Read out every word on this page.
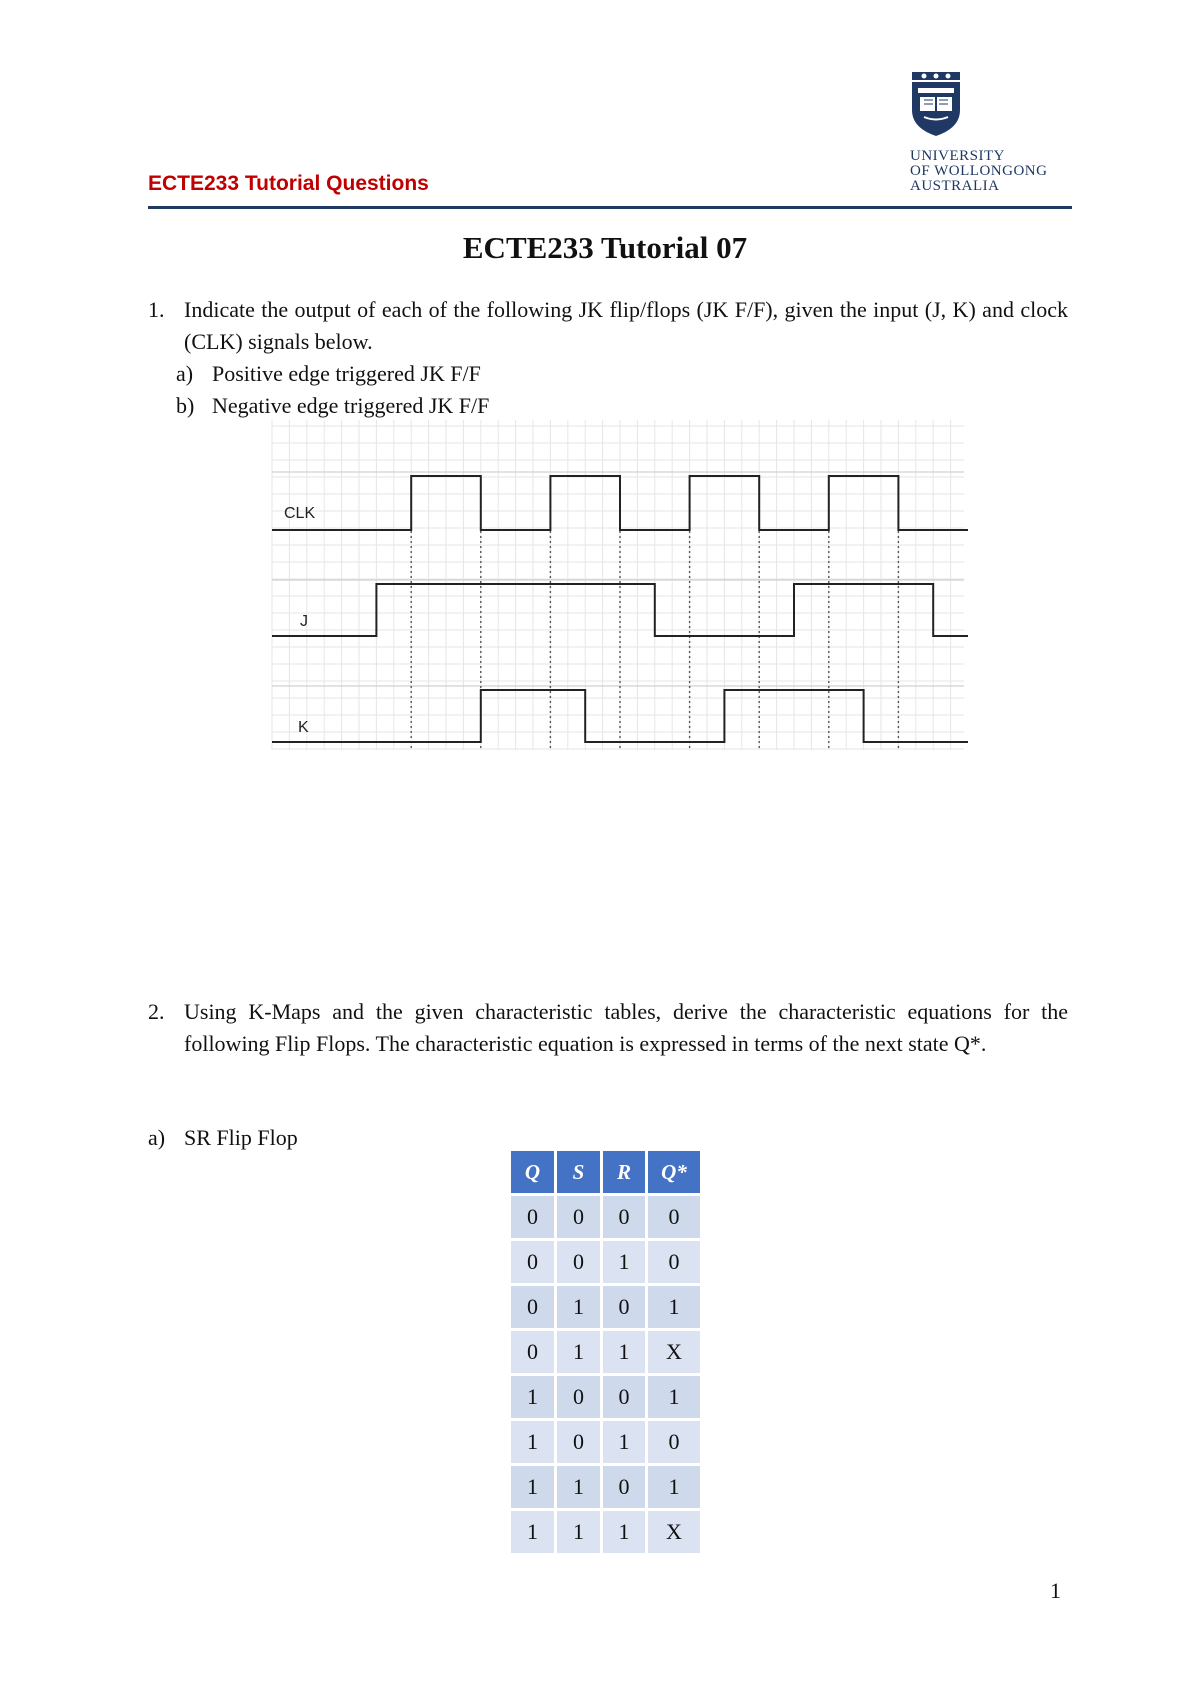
ECTE233 Tutorial Questions
UNIVERSITY
OF WOLLONGONG
AUSTRALIA
ECTE233 Tutorial 07
1. Indicate the output of each of the following JK flip/flops (JK F/F), given the input (J, K) and clock (CLK) signals below.
a) Positive edge triggered JK F/F
b) Negative edge triggered JK F/F
CLK
J
K
2. Using K-Maps and the given characteristic tables, derive the characteristic equations for the following Flip Flops. The characteristic equation is expressed in terms of the next state Q*.
a) SR Flip Flop
Q	S	R	Q*
0	0	0	0
0	0	1	0
0	1	0	1
0	1	1	X
1	0	0	1
1	0	1	0
1	1	0	1
1	1	1	X
1
